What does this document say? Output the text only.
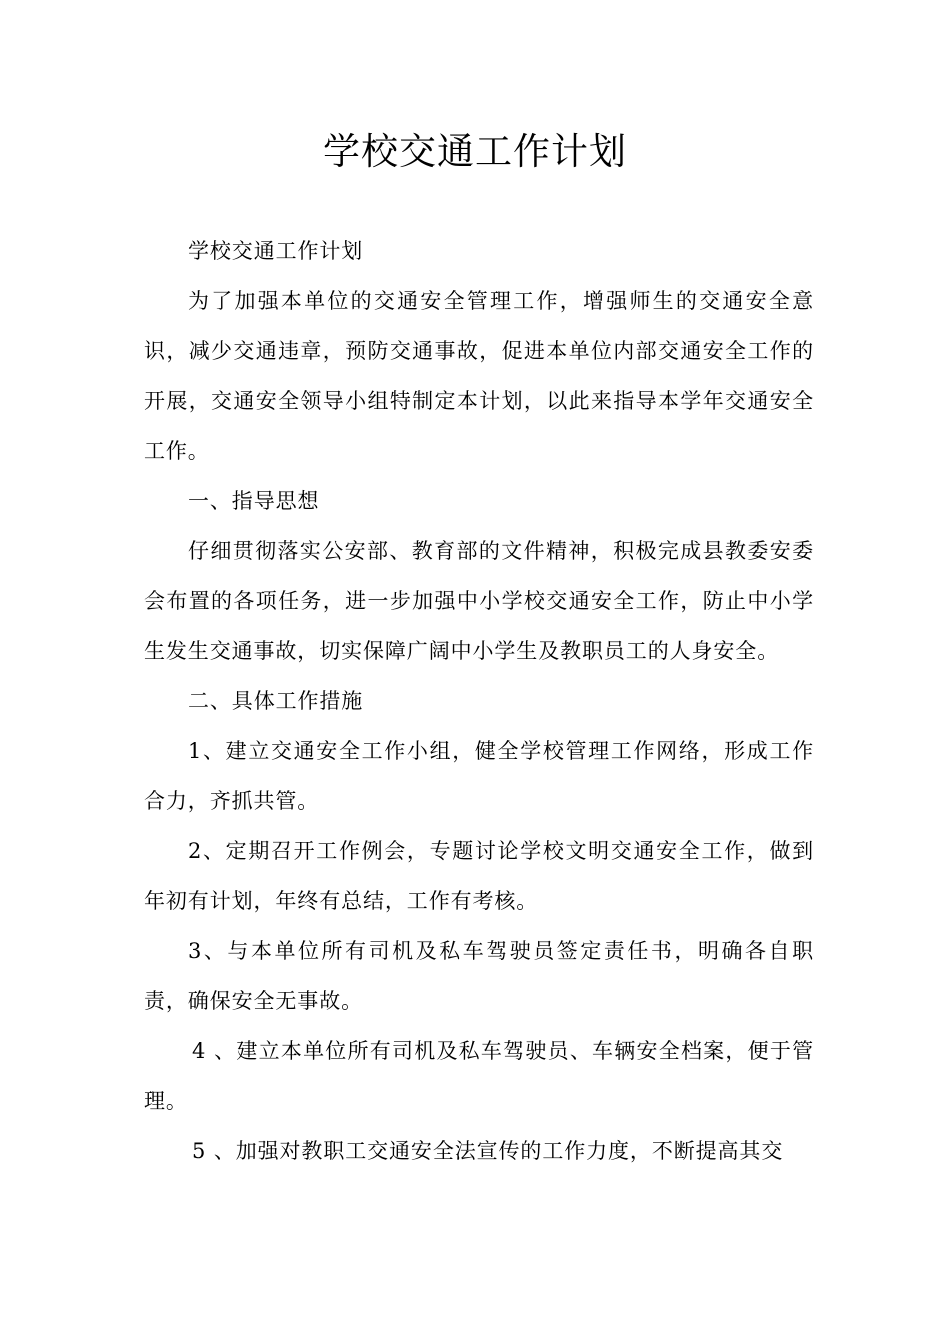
学校交通工作计划

学校交通工作计划

为了加强本单位的交通安全管理工作，增强师生的交通安全意识，减少交通违章，预防交通事故，促进本单位内部交通安全工作的开展，交通安全领导小组特制定本计划，以此来指导本学年交通安全工作。

一、指导思想

仔细贯彻落实公安部、教育部的文件精神，积极完成县教委安委会布置的各项任务，进一步加强中小学校交通安全工作，防止中小学生发生交通事故，切实保障广阔中小学生及教职员工的人身安全。

二、具体工作措施

1、建立交通安全工作小组，健全学校管理工作网络，形成工作合力，齐抓共管。

2、定期召开工作例会，专题讨论学校文明交通安全工作，做到年初有计划，年终有总结，工作有考核。

3、与本单位所有司机及私车驾驶员签定责任书，明确各自职责，确保安全无事故。

4 、建立本单位所有司机及私车驾驶员、车辆安全档案，便于管理。

5 、加强对教职工交通安全法宣传的工作力度，不断提高其交
